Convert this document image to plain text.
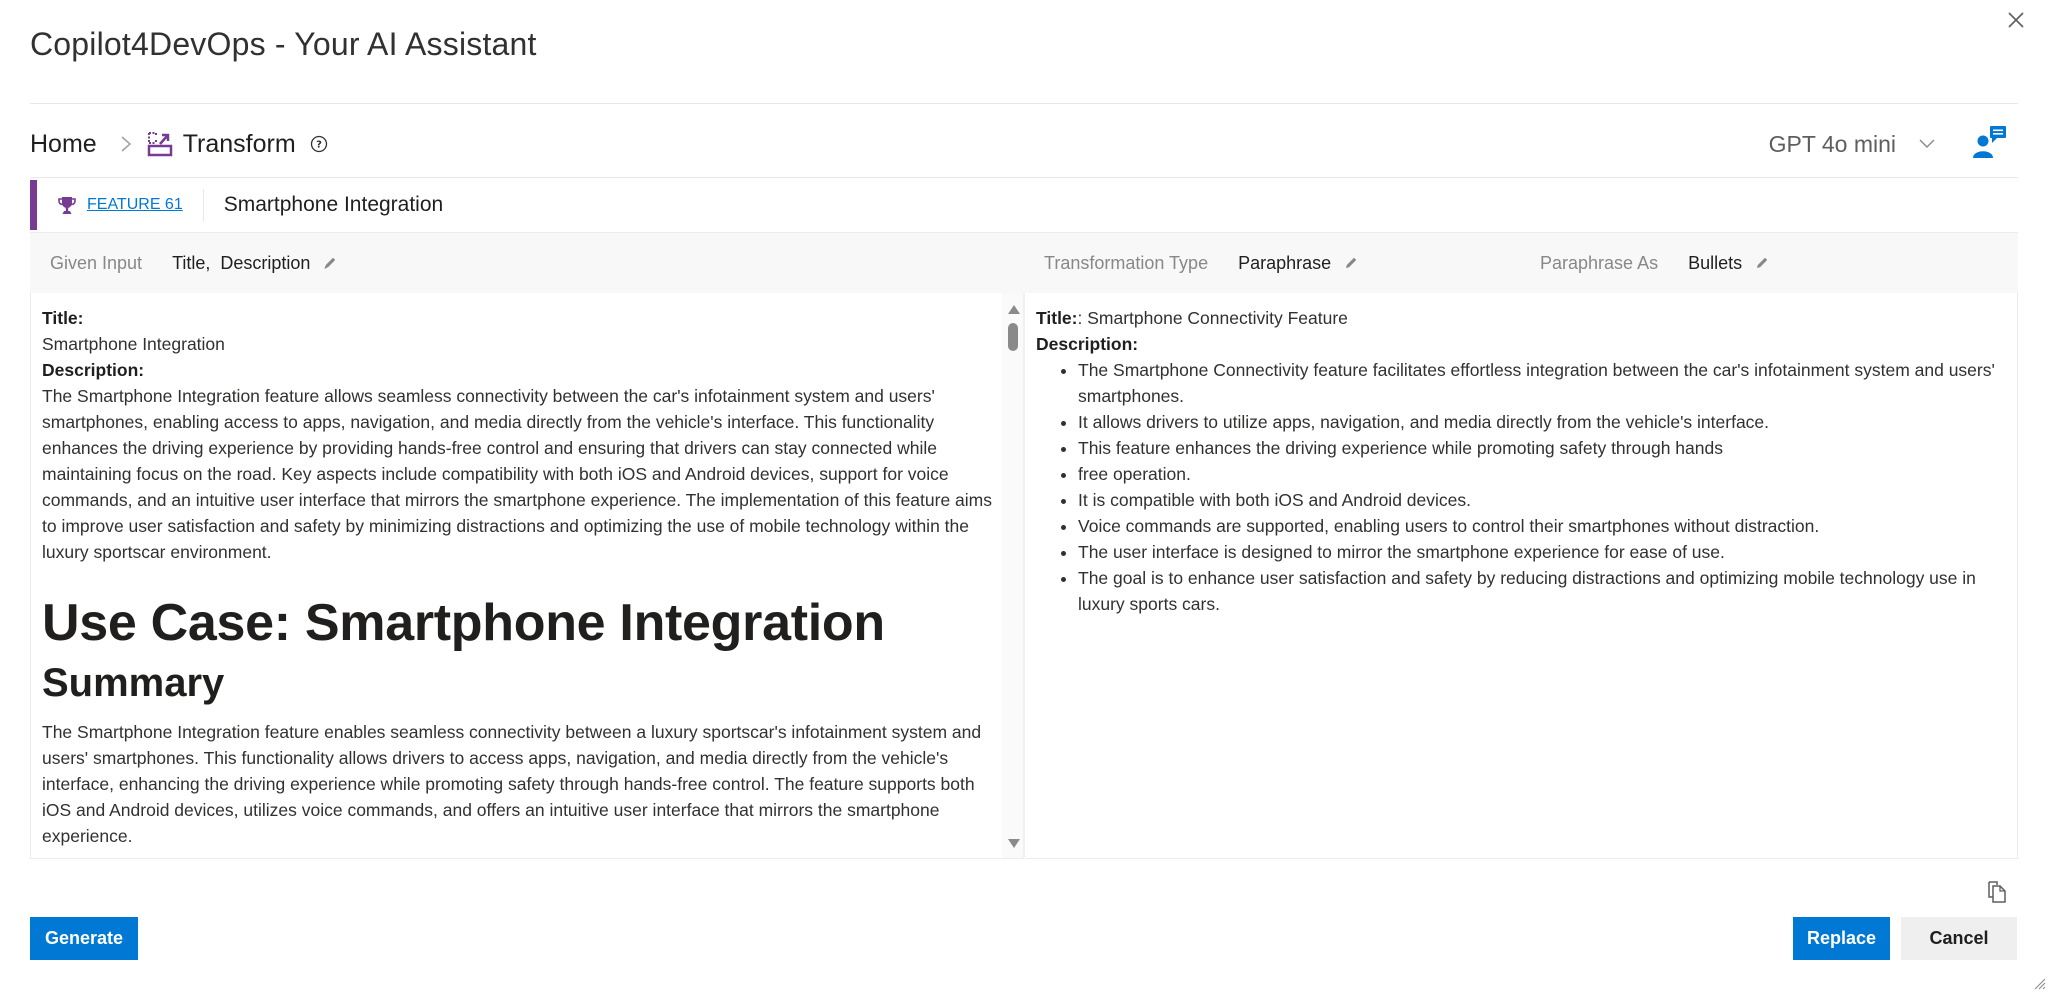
Copilot4DevOps - Your AI Assistant
Home	Transform ?	GPT 4o mini
FEATURE 61 Smartphone Integration
Given Input Title,  Description	Transformation Type Paraphrase	Paraphrase As Bullets
Title:
Smartphone Integration
Description:
The Smartphone Integration feature allows seamless connectivity between the car's infotainment system and users' smartphones, enabling access to apps, navigation, and media directly from the vehicle's interface. This functionality enhances the driving experience by providing hands-free control and ensuring that drivers can stay connected while maintaining focus on the road. Key aspects include compatibility with both iOS and Android devices, support for voice commands, and an intuitive user interface that mirrors the smartphone experience. The implementation of this feature aims to improve user satisfaction and safety by minimizing distractions and optimizing the use of mobile technology within the luxury sportscar environment.
Use Case: Smartphone Integration
Summary
The Smartphone Integration feature enables seamless connectivity between a luxury sportscar's infotainment system and users' smartphones. This functionality allows drivers to access apps, navigation, and media directly from the vehicle's interface, enhancing the driving experience while promoting safety through hands-free control. The feature supports both iOS and Android devices, utilizes voice commands, and offers an intuitive user interface that mirrors the smartphone experience.
Title:: Smartphone Connectivity Feature
Description:
• The Smartphone Connectivity feature facilitates effortless integration between the car's infotainment system and users' smartphones.
• It allows drivers to utilize apps, navigation, and media directly from the vehicle's interface.
• This feature enhances the driving experience while promoting safety through hands
• free operation.
• It is compatible with both iOS and Android devices.
• Voice commands are supported, enabling users to control their smartphones without distraction.
• The user interface is designed to mirror the smartphone experience for ease of use.
• The goal is to enhance user satisfaction and safety by reducing distractions and optimizing mobile technology use in luxury sports cars.
Generate	Replace	Cancel
